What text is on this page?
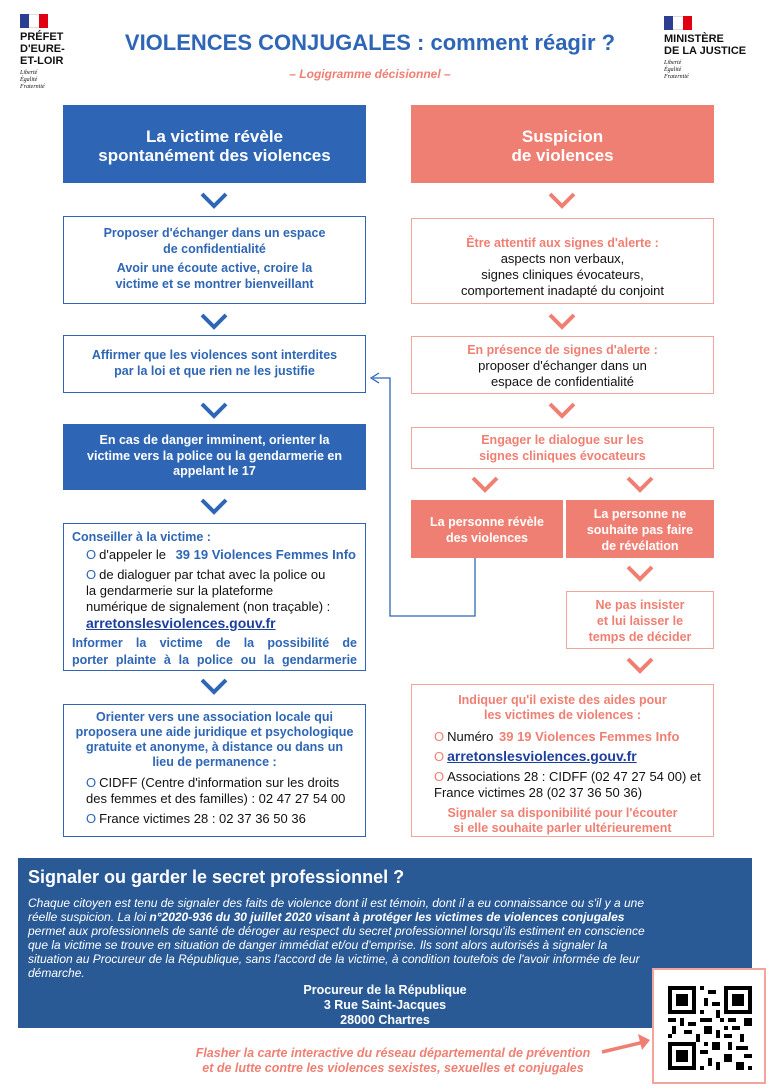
PRÉFET
D'EURE-
ET-LOIR
Liberté
Égalité
Fraternité
MINISTÈRE
DE LA JUSTICE
Liberté
Égalité
Fraternité
VIOLENCES CONJUGALES : comment réagir ?
– Logigramme décisionnel –
La victime révèle
spontanément des violences
Proposer d'échanger dans un espace
de confidentialité
Avoir une écoute active, croire la
victime et se montrer bienveillant
Affirmer que les violences sont interdites
par la loi et que rien ne les justifie
En cas de danger imminent, orienter la
victime vers la police ou la gendarmerie en
appelant le 17
Conseiller à la victime :
O d'appeler le 39 19 Violences Femmes Info
O de dialoguer par tchat avec la police ou
la gendarmerie sur la plateforme
numérique de signalement (non traçable) :
arretonslesviolences.gouv.fr
Informer la victime de la possibilité de
porter plainte à la police ou la gendarmerie
Orienter vers une association locale qui
proposera une aide juridique et psychologique
gratuite et anonyme, à distance ou dans un
lieu de permanence :
O CIDFF (Centre d'information sur les droits
des femmes et des familles) : 02 47 27 54 00
O France victimes 28 : 02 37 36 50 36
Suspicion
de violences
Être attentif aux signes d'alerte :
aspects non verbaux,
signes cliniques évocateurs,
comportement inadapté du conjoint
En présence de signes d'alerte :
proposer d'échanger dans un
espace de confidentialité
Engager le dialogue sur les
signes cliniques évocateurs
La personne révèle
des violences
La personne ne
souhaite pas faire
de révélation
Ne pas insister
et lui laisser le
temps de décider
Indiquer qu'il existe des aides pour
les victimes de violences :
O Numéro 39 19 Violences Femmes Info
O arretonslesviolences.gouv.fr
O Associations 28 : CIDFF (02 47 27 54 00) et
France victimes 28 (02 37 36 50 36)
Signaler sa disponibilité pour l'écouter
si elle souhaite parler ultérieurement
Signaler ou garder le secret professionnel ?
Chaque citoyen est tenu de signaler des faits de violence dont il est témoin, dont il a eu connaissance ou s'il y a une
réelle suspicion. La loi n°2020-936 du 30 juillet 2020 visant à protéger les victimes de violences conjugales
permet aux professionnels de santé de déroger au respect du secret professionnel lorsqu'ils estiment en conscience
que la victime se trouve en situation de danger immédiat et/ou d'emprise. Ils sont alors autorisés à signaler la
situation au Procureur de la République, sans l'accord de la victime, à condition toutefois de l'avoir informée de leur
démarche.
Procureur de la République
3 Rue Saint-Jacques
28000 Chartres
Flasher la carte interactive du réseau départemental de prévention
et de lutte contre les violences sexistes, sexuelles et conjugales
